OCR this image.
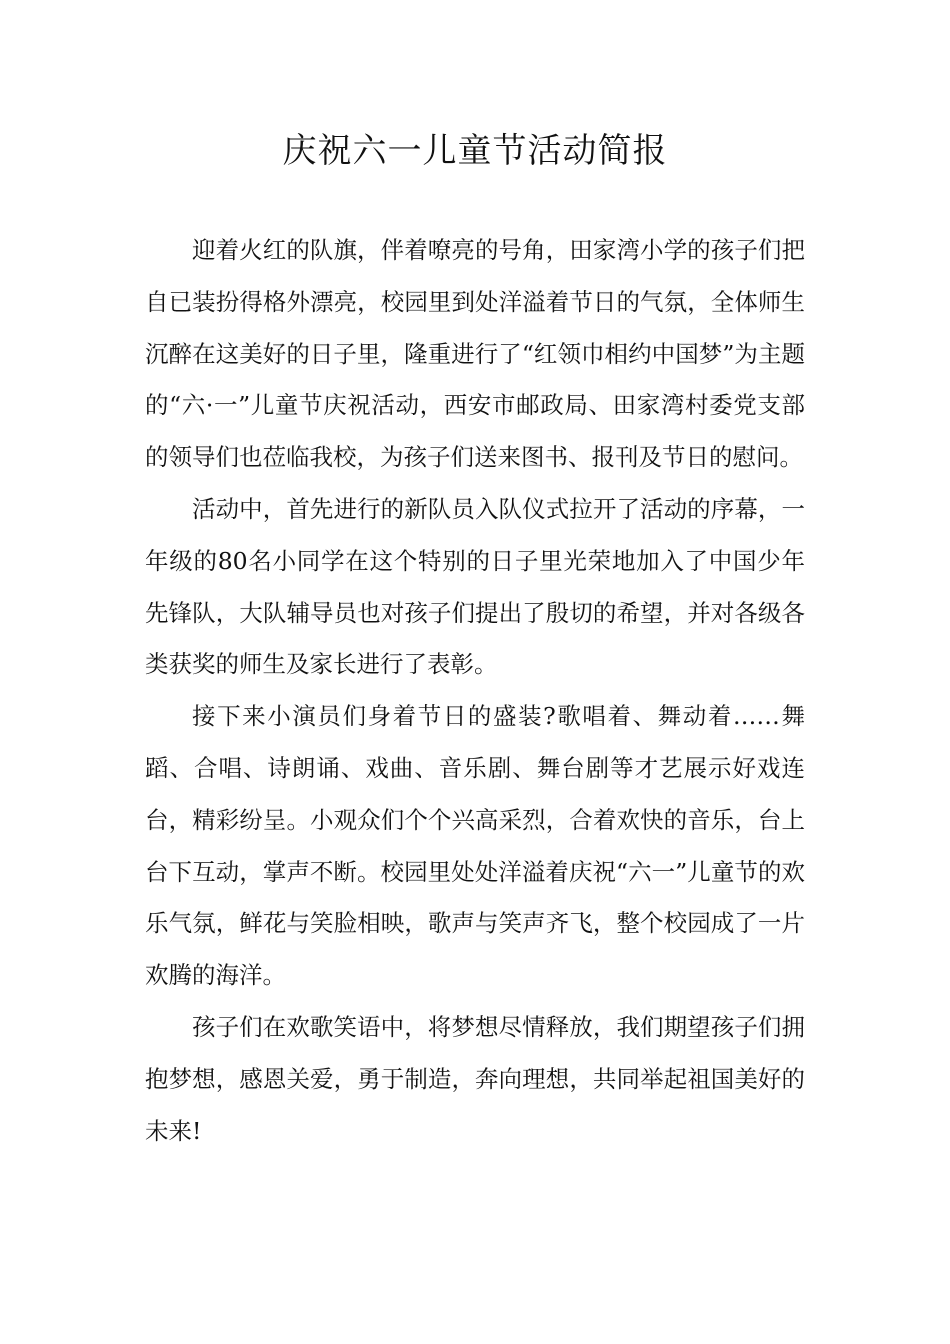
庆祝六一儿童节活动简报

迎着火红的队旗，伴着嘹亮的号角，田家湾小学的孩子们把自已装扮得格外漂亮，校园里到处洋溢着节日的气氛，全体师生沉醉在这美好的日子里，隆重进行了“红领巾相约中国梦”为主题的“六·一”儿童节庆祝活动，西安市邮政局、田家湾村委党支部的领导们也莅临我校，为孩子们送来图书、报刊及节日的慰问。

活动中，首先进行的新队员入队仪式拉开了活动的序幕，一年级的80名小同学在这个特别的日子里光荣地加入了中国少年先锋队，大队辅导员也对孩子们提出了殷切的希望，并对各级各类获奖的师生及家长进行了表彰。

接下来小演员们身着节日的盛装?歌唱着、舞动着……舞蹈、合唱、诗朗诵、戏曲、音乐剧、舞台剧等才艺展示好戏连台，精彩纷呈。小观众们个个兴高采烈，合着欢快的音乐，台上台下互动，掌声不断。校园里处处洋溢着庆祝“六一”儿童节的欢乐气氛，鲜花与笑脸相映，歌声与笑声齐飞，整个校园成了一片欢腾的海洋。

孩子们在欢歌笑语中，将梦想尽情释放，我们期望孩子们拥抱梦想，感恩关爱，勇于制造，奔向理想，共同举起祖国美好的未来!
